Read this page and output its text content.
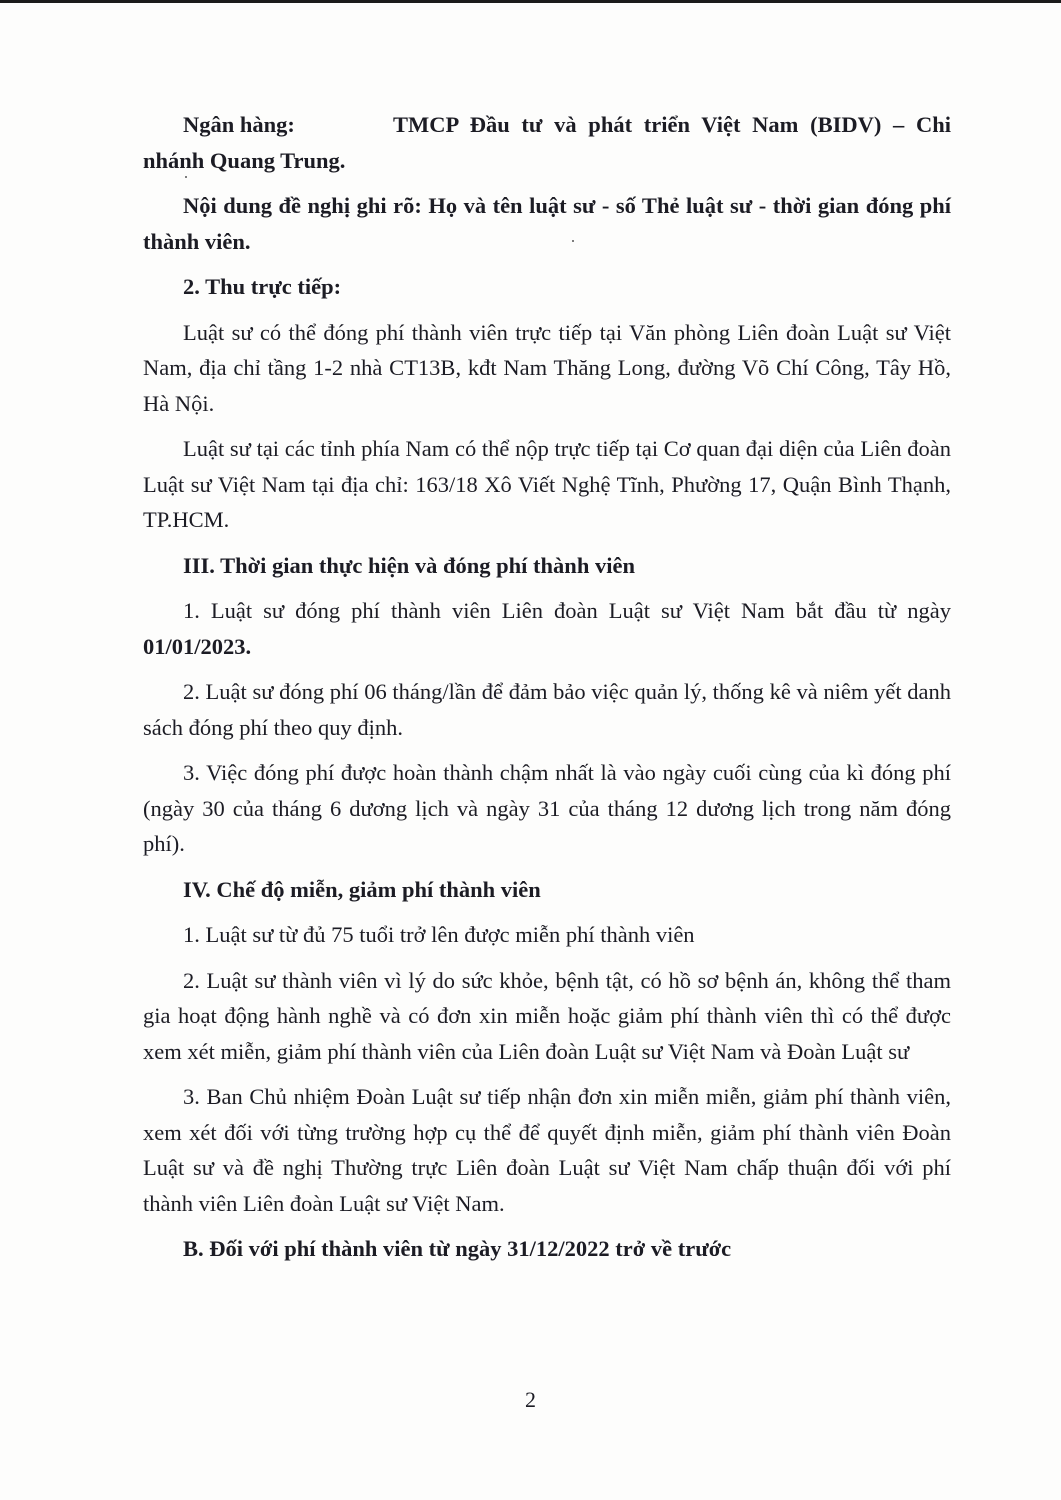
Ngân hàng:	TMCP Đầu tư và phát triển Việt Nam (BIDV) – Chi nhánh Quang Trung.

Nội dung đề nghị ghi rõ: Họ và tên luật sư - số Thẻ luật sư - thời gian đóng phí thành viên.

2. Thu trực tiếp:

Luật sư có thể đóng phí thành viên trực tiếp tại Văn phòng Liên đoàn Luật sư Việt Nam, địa chỉ tầng 1-2 nhà CT13B, kđt Nam Thăng Long, đường Võ Chí Công, Tây Hồ, Hà Nội.

Luật sư tại các tỉnh phía Nam có thể nộp trực tiếp tại Cơ quan đại diện của Liên đoàn Luật sư Việt Nam tại địa chỉ: 163/18 Xô Viết Nghệ Tĩnh, Phường 17, Quận Bình Thạnh, TP.HCM.

III. Thời gian thực hiện và đóng phí thành viên

1. Luật sư đóng phí thành viên Liên đoàn Luật sư Việt Nam bắt đầu từ ngày 01/01/2023.

2. Luật sư đóng phí 06 tháng/lần để đảm bảo việc quản lý, thống kê và niêm yết danh sách đóng phí theo quy định.

3. Việc đóng phí được hoàn thành chậm nhất là vào ngày cuối cùng của kì đóng phí (ngày 30 của tháng 6 dương lịch và ngày 31 của tháng 12 dương lịch trong năm đóng phí).

IV. Chế độ miễn, giảm phí thành viên

1. Luật sư từ đủ 75 tuổi trở lên được miễn phí thành viên

2. Luật sư thành viên vì lý do sức khỏe, bệnh tật, có hồ sơ bệnh án, không thể tham gia hoạt động hành nghề và có đơn xin miễn hoặc giảm phí thành viên thì có thể được xem xét miễn, giảm phí thành viên của Liên đoàn Luật sư Việt Nam và Đoàn Luật sư

3. Ban Chủ nhiệm Đoàn Luật sư tiếp nhận đơn xin miễn miễn, giảm phí thành viên, xem xét đối với từng trường hợp cụ thể để quyết định miễn, giảm phí thành viên Đoàn Luật sư và đề nghị Thường trực Liên đoàn Luật sư Việt Nam chấp thuận đối với phí thành viên Liên đoàn Luật sư Việt Nam.

B. Đối với phí thành viên từ ngày 31/12/2022 trở về trước

2
